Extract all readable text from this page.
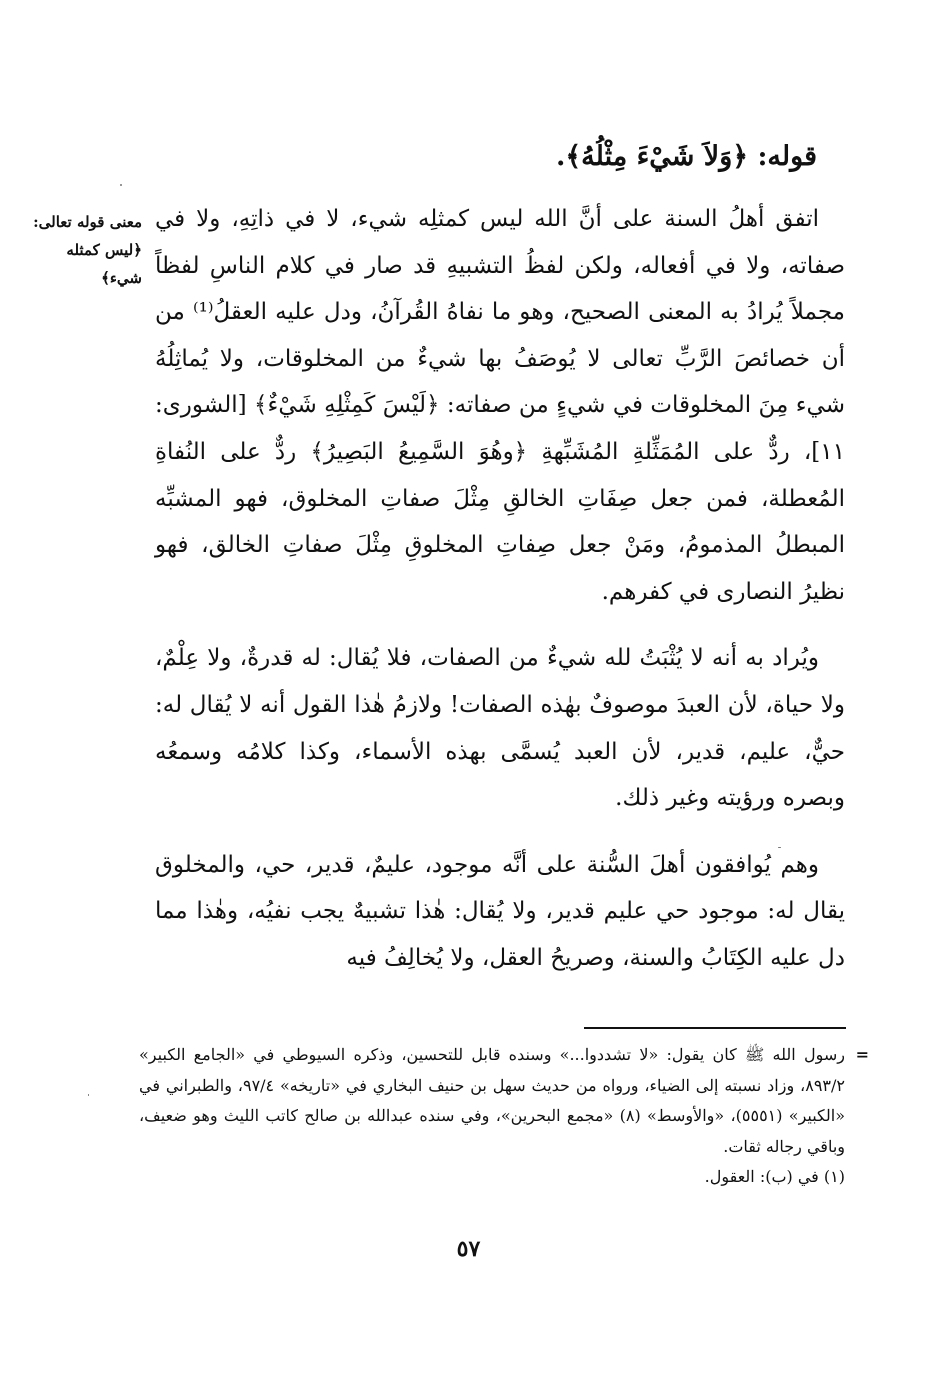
قوله: ﴿وَلاَ شَيْءَ مِثْلُهُ﴾.

معنى قوله تعالى: ﴿ليس كمثله شيء﴾

اتفق أهلُ السنة على أنَّ الله ليس كمثلِه شيء، لا في ذاتِهِ، ولا في صفاته، ولا في أفعاله، ولكن لفظُ التشبيهِ قد صار في كلام الناسِ لفظاً مجملاً يُرادُ به المعنى الصحيح، وهو ما نفاهُ القُرآنُ، ودل عليه العقلُ⁽¹⁾ من أن خصائصَ الرَّبِّ تعالى لا يُوصَفُ بها شيءٌ من المخلوقات، ولا يُماثِلُهُ شيء مِنَ المخلوقات في شيءٍ من صفاته: ﴿لَيْسَ كَمِثْلِهِ شَيْءٌ﴾ [الشورى: ١١]، ردٌّ على المُمَثِّلةِ المُشَبِّهةِ ﴿وهُوَ السَّمِيعُ البَصِيرُ﴾ ردٌّ على النُفاةِ المُعطلة، فمن جعل صِفَاتِ الخالقِ مِثْلَ صفاتِ المخلوق، فهو المشبِّه المبطلُ المذمومُ، ومَنْ جعل صِفاتِ المخلوقِ مِثْلَ صفاتِ الخالق، فهو نظيرُ النصارى في كفرهم.

ويُراد به أنه لا يُثْبَتُ لله شيءٌ من الصفات، فلا يُقال: له قدرةٌ، ولا عِلْمٌ، ولا حياة، لأن العبدَ موصوفٌ بهٰذه الصفات! ولازمُ هٰذا القول أنه لا يُقال له: حيٌّ، عليم، قدير، لأن العبد يُسمَّى بهذه الأسماء، وكذا كلامُه وسمعُه وبصره ورؤيته وغير ذلك.

وهم يُوافقون أهلَ السُّنة على أنَّه موجود، عليمٌ، قدير، حي، والمخلوق يقال له: موجود حي عليم قدير، ولا يُقال: هٰذا تشبيهٌ يجب نفيُه، وهٰذا مما دل عليه الكِتَابُ والسنة، وصريحُ العقل، ولا يُخالِفُ فيه

=
رسول الله ﷺ كان يقول: «لا تشددوا...» وسنده قابل للتحسين، وذكره السيوطي في «الجامع الكبير» ٨٩٣/٢، وزاد نسبته إلى الضياء، ورواه من حديث سهل بن حنيف البخاري في «تاريخه» ٩٧/٤، والطبراني في «الكبير» (٥٥٥١)، «والأوسط» (٨) «مجمع البحرين»، وفي سنده عبدالله بن صالح كاتب الليث وهو ضعيف، وباقي رجاله ثقات.

(١) في (ب): العقول.

٥٧
